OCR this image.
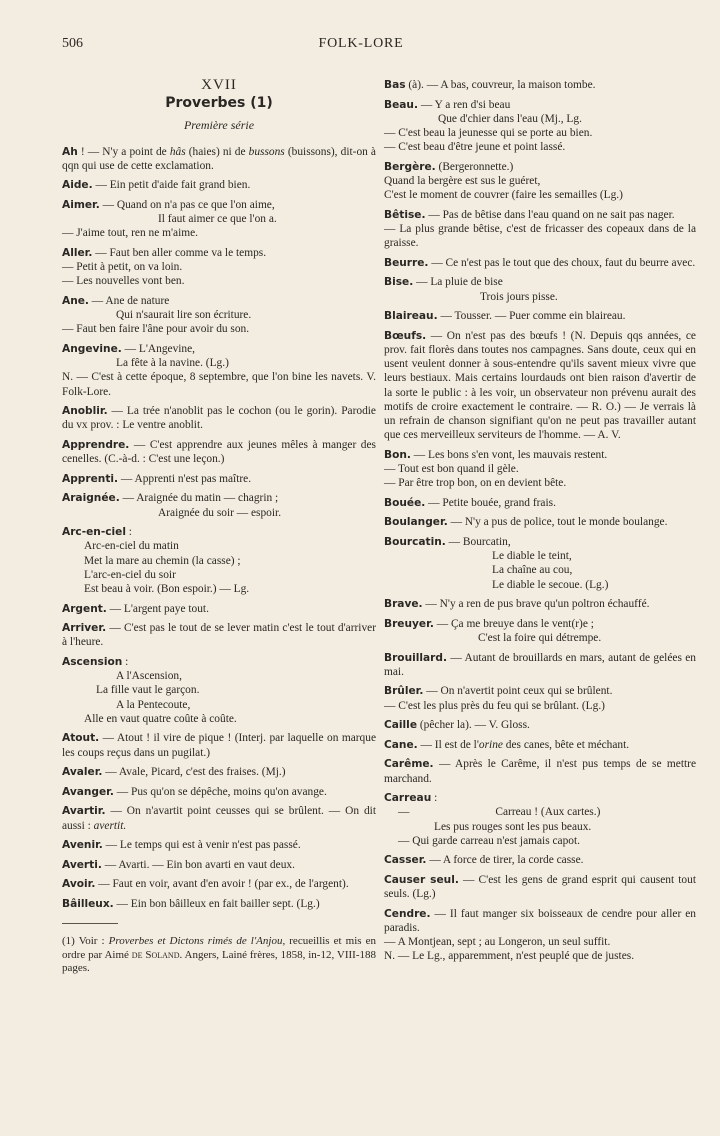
506	FOLK-LORE
XVII
Proverbes (1)
Première série

Ah ! — N'y a point de hâs (haies) ni de bussons (buissons), dit-on à qqn qui use de cette exclamation.

Aide. — Ein petit d'aide fait grand bien.

Aimer. — Quand on n'a pas ce que l'on aime,
Il faut aimer ce que l'on a.
— J'aime tout, ren ne m'aime.

Aller. — Faut ben aller comme va le temps.
— Petit à petit, on va loin.
— Les nouvelles vont ben.

Ane. — Ane de nature
Qui n'saurait lire son écriture.
— Faut ben faire l'âne pour avoir du son.

Angevine. — L'Angevine,
La fête à la navine. (Lg.)
N. — C'est à cette époque, 8 septembre, que l'on bine les navets. V. Folk-Lore.

Anoblir. — La trée n'anoblit pas le cochon (ou le gorin). Parodie du vx prov. : Le ventre anoblit.

Apprendre. — C'est apprendre aux jeunes mêles à manger des cenelles. (C.-à-d. : C'est une leçon.)

Apprenti. — Apprenti n'est pas maître.

Araignée. — Araignée du matin — chagrin ;
Araignée du soir — espoir.

Arc-en-ciel :
Arc-en-ciel du matin
Met la mare au chemin (la casse) ;
L'arc-en-ciel du soir
Est beau à voir. (Bon espoir.) — Lg.

Argent. — L'argent paye tout.

Arriver. — C'est pas le tout de se lever matin c'est le tout d'arriver à l'heure.

Ascension :
A l'Ascension,
La fille vaut le garçon.
A la Pentecoute,
Alle en vaut quatre coûte à coûte.

Atout. — Atout ! il vire de pique ! (Interj. par laquelle on marque les coups reçus dans un pugilat.)

Avaler. — Avale, Picard, c'est des fraises. (Mj.)

Avanger. — Pus qu'on se dépêche, moins qu'on avange.

Avartir. — On n'avartit point ceusses qui se brûlent. — On dit aussi : avertit.

Avenir. — Le temps qui est à venir n'est pas passé.

Averti. — Avarti. — Ein bon avarti en vaut deux.

Avoir. — Faut en voir, avant d'en avoir ! (par ex., de l'argent).

Bâilleux. — Ein bon bâilleux en fait bailler sept. (Lg.)

(1) Voir : Proverbes et Dictons rimés de l'Anjou, recueillis et mis en ordre par Aimé de Soland. Angers, Lainé frères, 1858, in-12, VIII-188 pages.

Bas (à). — A bas, couvreur, la maison tombe.

Beau. — Y a ren d'si beau
Que d'chier dans l'eau (Mj., Lg.
— C'est beau la jeunesse qui se porte au bien.
— C'est beau d'être jeune et point lassé.

Bergère. (Bergeronnette.)
Quand la bergère est sus le guéret,
C'est le moment de couvrer (faire les semailles (Lg.)

Bêtise. — Pas de bêtise dans l'eau quand on ne sait pas nager.
— La plus grande bêtise, c'est de fricasser des copeaux dans de la graisse.

Beurre. — Ce n'est pas le tout que des choux, faut du beurre avec.

Bise. — La pluie de bise
Trois jours pisse.

Blaireau. — Tousser. — Puer comme ein blaireau.

Bœufs. — On n'est pas des bœufs ! (N. Depuis qqs années, ce prov. fait florès dans toutes nos campagnes. Sans doute, ceux qui en usent veulent donner à sous-entendre qu'ils savent mieux vivre que leurs bestiaux. Mais certains lourdauds ont bien raison d'avertir de la sorte le public : à les voir, un observateur non prévenu aurait des motifs de croire exactement le contraire. — R. O.) — Je verrais là un refrain de chanson signifiant qu'on ne peut pas travailler autant que ces merveilleux serviteurs de l'homme. — A. V.

Bon. — Les bons s'en vont, les mauvais restent.
— Tout est bon quand il gèle.
— Par être trop bon, on en devient bête.

Bouée. — Petite bouée, grand frais.

Boulanger. — N'y a pus de police, tout le monde boulange.

Bourcatin. — Bourcatin,
Le diable le teint,
La chaîne au cou,
Le diable le secoue. (Lg.)

Brave. — N'y a ren de pus brave qu'un poltron échauffé.

Breuyer. — Ça me breuye dans le vent(r)e ;
C'est la foire qui détrempe.

Brouillard. — Autant de brouillards en mars, autant de gelées en mai.

Brûler. — On n'avertit point ceux qui se brûlent.
— C'est les plus près du feu qui se brûlant. (Lg.)

Caille (pêcher la). — V. Gloss.

Cane. — Il est de l'orine des canes, bête et méchant.

Carême. — Après le Carême, il n'est pus temps de se mettre marchand.

Carreau :
—	Carreau ! (Aux cartes.)
Les pus rouges sont les pus beaux.
— Qui garde carreau n'est jamais capot.

Casser. — A force de tirer, la corde casse.

Causer seul. — C'est les gens de grand esprit qui causent tout seuls. (Lg.)

Cendre. — Il faut manger six boisseaux de cendre pour aller en paradis.
— A Montjean, sept ; au Longeron, un seul suffit.
N. — Le Lg., apparemment, n'est peuplé que de justes.
